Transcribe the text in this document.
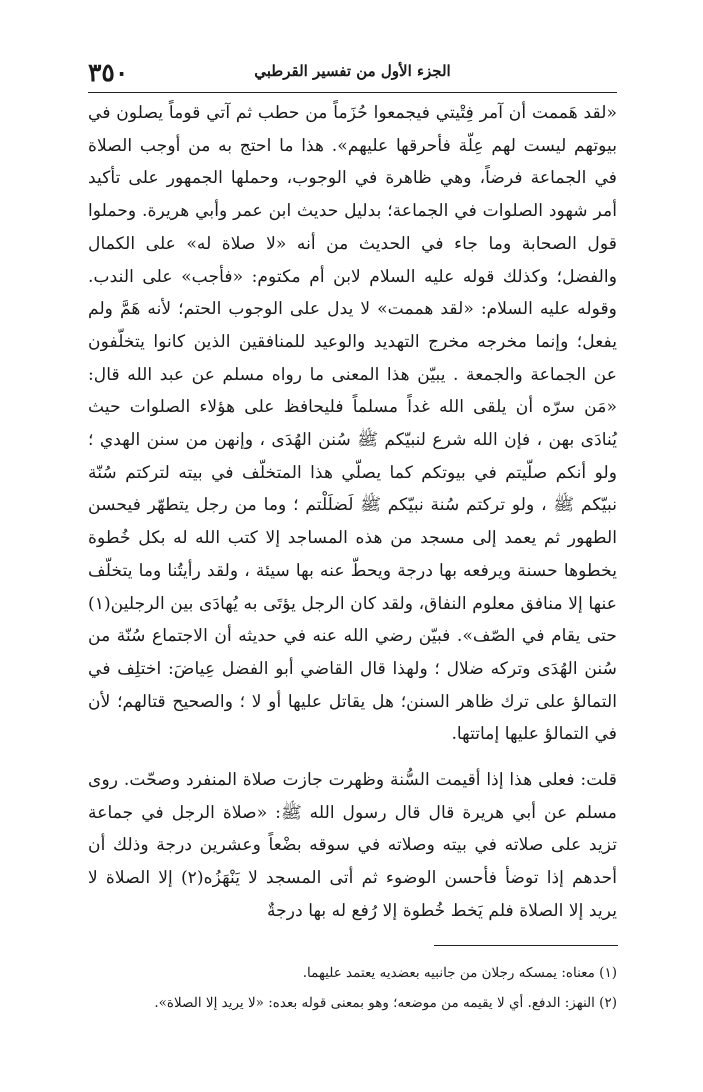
٣٥٠	الجزء الأول من تفسير القرطبي

«لقد هَممت أن آمر فِتْيتي فيجمعوا حُزَماً من حطب ثم آتي قوماً يصلون في بيوتهم ليست لهم عِلّة فأحرقها عليهم». هذا ما احتج به من أوجب الصلاة في الجماعة فرضاً، وهي ظاهرة في الوجوب، وحملها الجمهور على تأكيد أمر شهود الصلوات في الجماعة؛ بدليل حديث ابن عمر وأبي هريرة. وحملوا قول الصحابة وما جاء في الحديث من أنه «لا صلاة له» على الكمال والفضل؛ وكذلك قوله عليه السلام لابن أم مكتوم: «فأجب» على الندب. وقوله عليه السلام: «لقد هممت» لا يدل على الوجوب الحتم؛ لأنه هَمَّ ولم يفعل؛ وإنما مخرجه مخرج التهديد والوعيد للمنافقين الذين كانوا يتخلّفون عن الجماعة والجمعة . يبيّن هذا المعنى ما رواه مسلم عن عبد الله قال: «مَن سرّه أن يلقى الله غداً مسلماً فليحافظ على هؤلاء الصلوات حيث يُنادَى بهن ، فإن الله شرع لنبيّكم ﷺ سُنن الهُدَى ، وإنهن من سنن الهدي ؛ ولو أنكم صلّيتم في بيوتكم كما يصلّي هذا المتخلّف في بيته لتركتم سُنّة نبيّكم ﷺ ، ولو تركتم سُنة نبيّكم ﷺ لَضلَلْتم ؛ وما من رجل يتطهّر فيحسن الطهور ثم يعمد إلى مسجد من هذه المساجد إلا كتب الله له بكل خُطوة يخطوها حسنة ويرفعه بها درجة ويحطّ عنه بها سيئة ، ولقد رأيتُنا وما يتخلّف عنها إلا منافق معلوم النفاق، ولقد كان الرجل يؤتَى به يُهادَى بين الرجلين(١) حتى يقام في الصّف». فبيّن رضي الله عنه في حديثه أن الاجتماع سُنّة من سُنن الهُدَى وتركه ضلال ؛ ولهذا قال القاضي أبو الفضل عِياضَ: اختلِف في التمالؤ على ترك ظاهر السنن؛ هل يقاتل عليها أو لا ؛ والصحيح قتالهم؛ لأن في التمالؤ عليها إماتتها.

قلت: فعلى هذا إذا أقيمت السُّنة وظهرت جازت صلاة المنفرد وصحّت. روى مسلم عن أبي هريرة قال قال رسول الله ﷺ: «صلاة الرجل في جماعة تزيد على صلاته في بيته وصلاته في سوقه بضْعاً وعشرين درجة وذلك أن أحدهم إذا توضأ فأحسن الوضوء ثم أتى المسجد لا يَنْهَزُه(٢) إلا الصلاة لا يريد إلا الصلاة فلم يَخط خُطوة إلا رُفع له بها درجةٌ

(١) معناه: يمسكه رجلان من جانبيه بعضديه يعتمد عليهما.

(٢) النهز: الدفع. أي لا يقيمه من موضعه؛ وهو بمعنى قوله بعده: «لا يريد إلا الصلاة».
